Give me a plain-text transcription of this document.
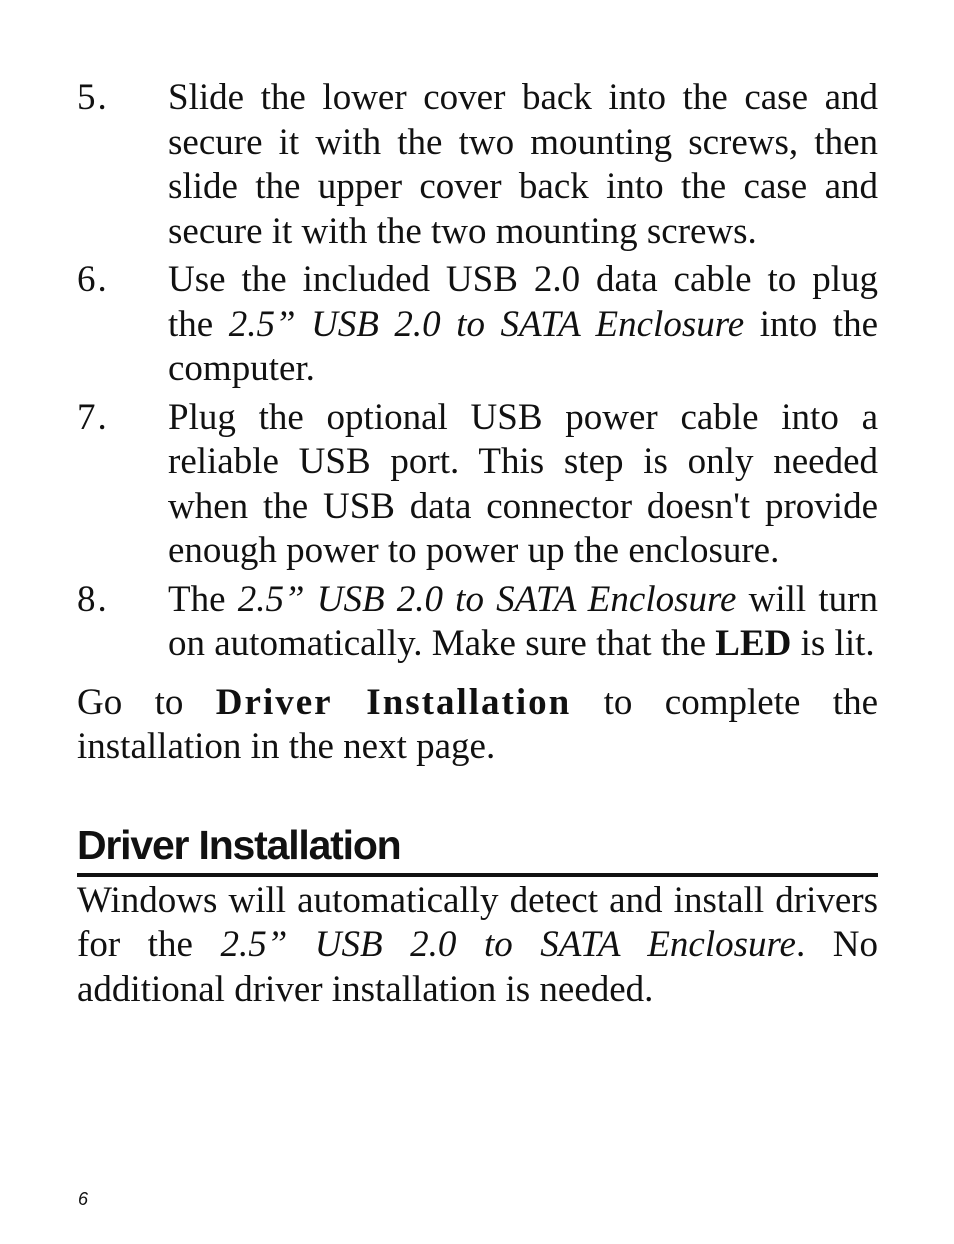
5.	Slide the lower cover back into the case and secure it with the two mounting screws, then slide the upper cover back into the case and secure it with the two mounting screws.
6.	Use the included USB 2.0 data cable to plug the 2.5” USB 2.0 to SATA Enclosure into the computer.
7.	Plug the optional USB power cable into a reliable USB port. This step is only needed when the USB data connector doesn't provide enough power to power up the enclosure.
8.	The 2.5” USB 2.0 to SATA Enclosure will turn on automatically. Make sure that the LED is lit.
Go to Driver Installation to complete the installation in the next page.
Driver Installation
Windows will automatically detect and install drivers for the 2.5” USB 2.0 to SATA Enclosure. No additional driver installation is needed.
6
